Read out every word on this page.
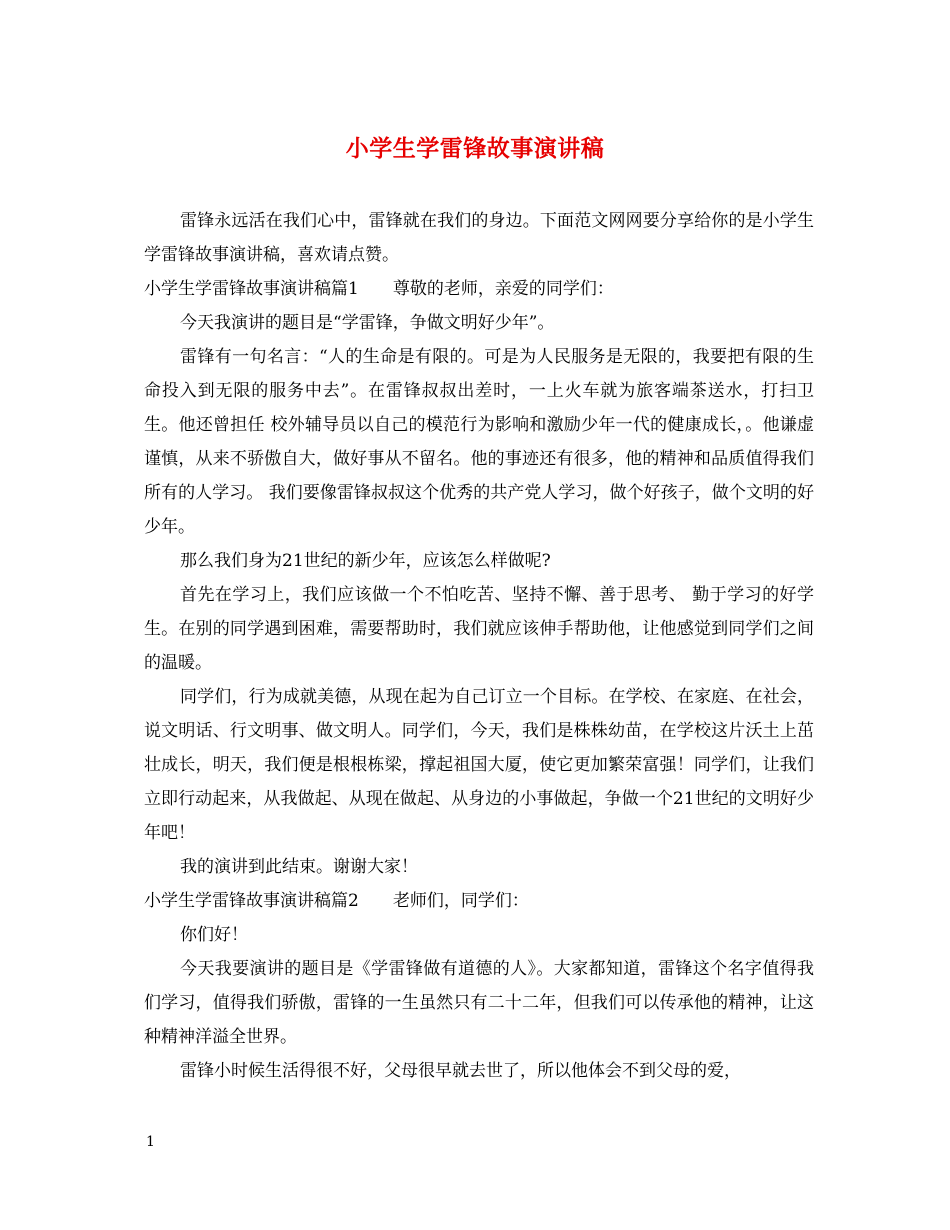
小学生学雷锋故事演讲稿

雷锋永远活在我们心中，雷锋就在我们的身边。下面范文网网要分享给你的是小学生学雷锋故事演讲稿，喜欢请点赞。

小学生学雷锋故事演讲稿篇1 尊敬的老师，亲爱的同学们：

今天我演讲的题目是“学雷锋，争做文明好少年”。

雷锋有一句名言：“人的生命是有限的。可是为人民服务是无限的，我要把有限的生命投入到无限的服务中去”。在雷锋叔叔出差时，一上火车就为旅客端茶送水，打扫卫生。他还曾担任 校外辅导员以自己的模范行为影响和激励少年一代的健康成长，。他谦虚谨慎，从来不骄傲自大，做好事从不留名。他的事迹还有很多，他的精神和品质值得我们所有的人学习。 我们要像雷锋叔叔这个优秀的共产党人学习，做个好孩子，做个文明的好少年。

那么我们身为21世纪的新少年，应该怎么样做呢?

首先在学习上，我们应该做一个不怕吃苦、坚持不懈、善于思考、 勤于学习的好学生。在别的同学遇到困难，需要帮助时，我们就应该伸手帮助他，让他感觉到同学们之间的温暖。

同学们，行为成就美德，从现在起为自己订立一个目标。在学校、在家庭、在社会，说文明话、行文明事、做文明人。同学们，今天，我们是株株幼苗，在学校这片沃土上茁壮成长，明天，我们便是根根栋梁，撑起祖国大厦，使它更加繁荣富强！同学们，让我们立即行动起来，从我做起、从现在做起、从身边的小事做起，争做一个21世纪的文明好少年吧！

我的演讲到此结束。谢谢大家！

小学生学雷锋故事演讲稿篇2 老师们，同学们：

你们好！

今天我要演讲的题目是《学雷锋做有道德的人》。大家都知道，雷锋这个名字值得我们学习，值得我们骄傲，雷锋的一生虽然只有二十二年，但我们可以传承他的精神，让这种精神洋溢全世界。

雷锋小时候生活得很不好，父母很早就去世了，所以他体会不到父母的爱，

1
